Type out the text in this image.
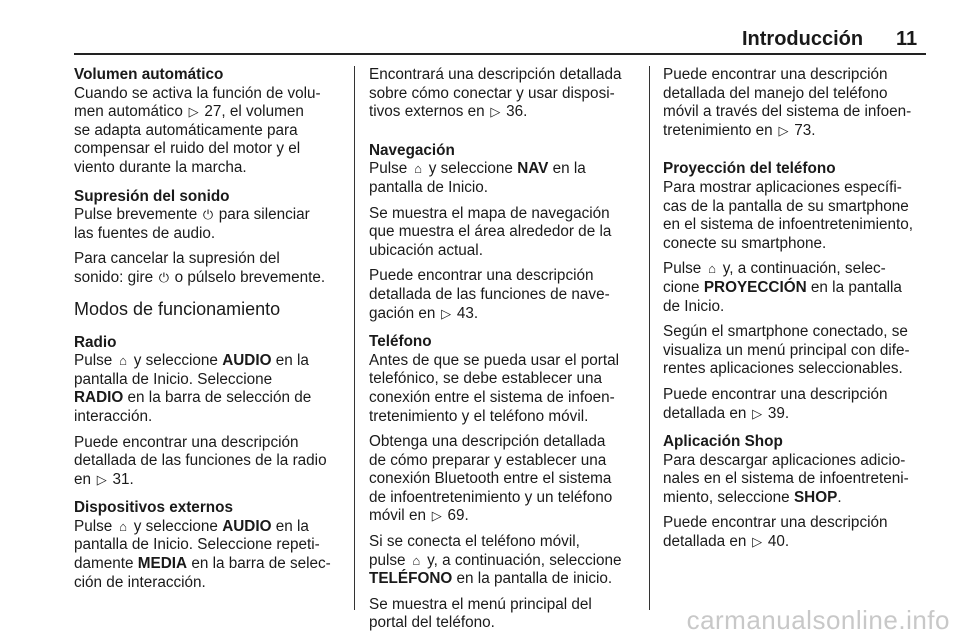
Introducción 11
Volumen automático

Cuando se activa la función de volu-
men automático ▷ 27, el volumen
se adapta automáticamente para
compensar el ruido del motor y el
viento durante la marcha.

Supresión del sonido

Pulse brevemente ⏻ para silenciar
las fuentes de audio.

Para cancelar la supresión del
sonido: gire ⏻ o púlselo brevemente.

Modos de funcionamiento
Radio

Pulse ⌂ y seleccione AUDIO en la
pantalla de Inicio. Seleccione
RADIO en la barra de selección de
interacción.

Puede encontrar una descripción
detallada de las funciones de la radio
en ▷ 31.

Dispositivos externos

Pulse ⌂ y seleccione AUDIO en la
pantalla de Inicio. Seleccione repeti-
damente MEDIA en la barra de selec-
ción de interacción.

Encontrará una descripción detallada
sobre cómo conectar y usar disposi-
tivos externos en ▷ 36.

Navegación

Pulse ⌂ y seleccione NAV en la
pantalla de Inicio.

Se muestra el mapa de navegación
que muestra el área alrededor de la
ubicación actual.

Puede encontrar una descripción
detallada de las funciones de nave-
gación en ▷ 43.

Teléfono

Antes de que se pueda usar el portal
telefónico, se debe establecer una
conexión entre el sistema de infoen-
tretenimiento y el teléfono móvil.

Obtenga una descripción detallada
de cómo preparar y establecer una
conexión Bluetooth entre el sistema
de infoentretenimiento y un teléfono
móvil en ▷ 69.

Si se conecta el teléfono móvil,
pulse ⌂ y, a continuación, seleccione
TELÉFONO en la pantalla de inicio.

Se muestra el menú principal del
portal del teléfono.

Puede encontrar una descripción
detallada del manejo del teléfono
móvil a través del sistema de infoen-
tretenimiento en ▷ 73.

Proyección del teléfono

Para mostrar aplicaciones específi-
cas de la pantalla de su smartphone
en el sistema de infoentretenimiento,
conecte su smartphone.

Pulse ⌂ y, a continuación, selec-
cione PROYECCIÓN en la pantalla
de Inicio.

Según el smartphone conectado, se
visualiza un menú principal con dife-
rentes aplicaciones seleccionables.

Puede encontrar una descripción
detallada en ▷ 39.

Aplicación Shop

Para descargar aplicaciones adicio-
nales en el sistema de infoentreteni-
miento, seleccione SHOP.

Puede encontrar una descripción
detallada en ▷ 40.

carmanualsonline.info
